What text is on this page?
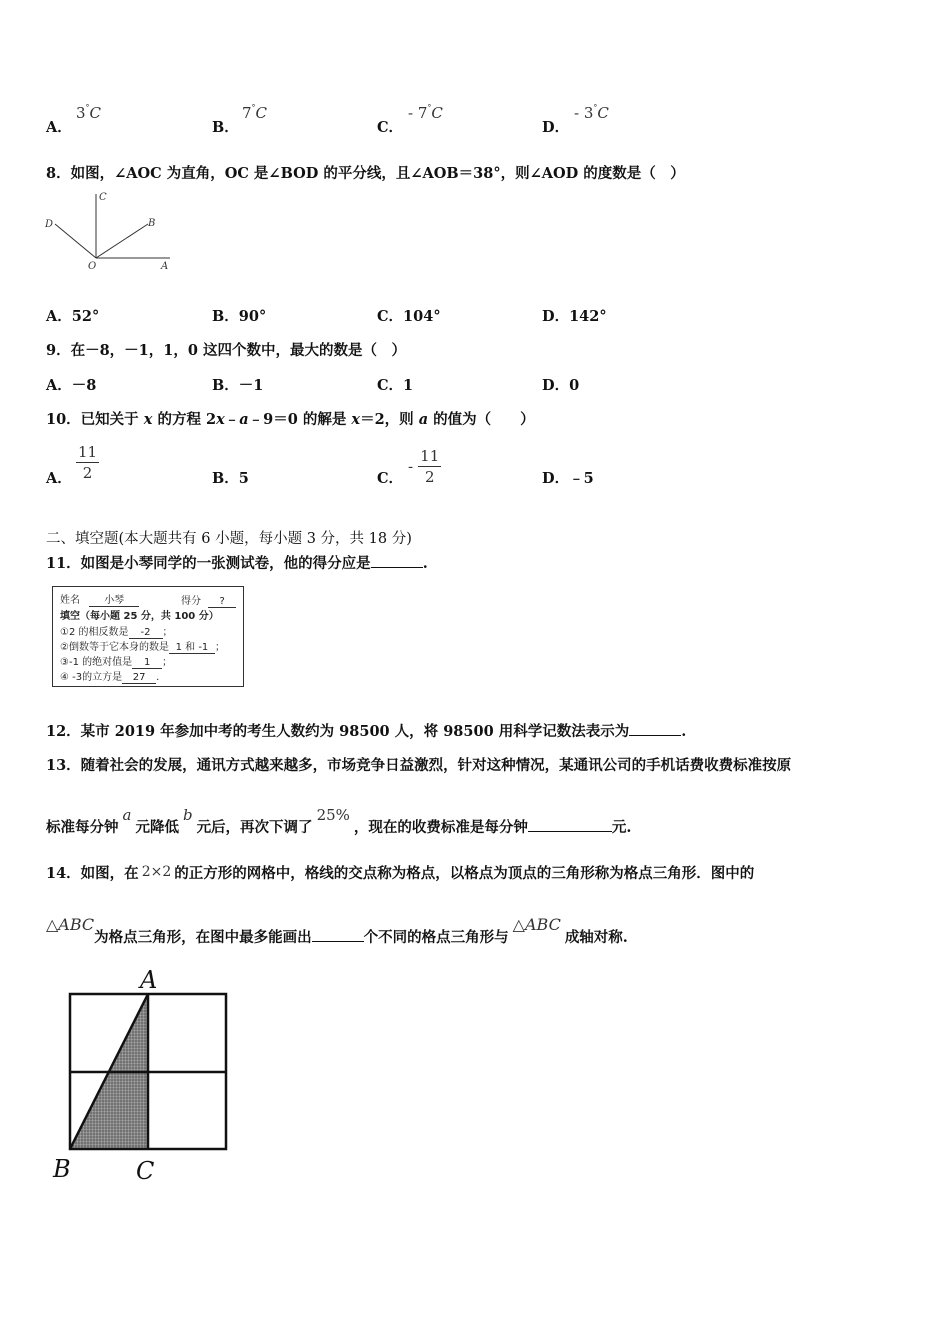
A．
3°C
B．
7°C
C．
- 7°C
D．
- 3°C
8．如图，∠AOC 为直角，OC 是∠BOD 的平分线，且∠AOB＝38°，则∠AOD 的度数是（　）
C
D	B
O	A
A．52°	B．90°	C．104°	D．142°
9．在－8，－1，1，0 这四个数中，最大的数是（　）
A．－8	B．－1	C．1	D．0
10．已知关于 x 的方程 2x﹣a﹣9＝0 的解是 x＝2，则 a 的值为（　　）
A． $\frac{11}{2}$	B．5	C．
- $\frac{11}{2}$	D．﹣5
二、填空题(本大题共有 6 小题，每小题 3 分，共 18 分)
11．如图是小琴同学的一张测试卷，他的得分应是	.
姓名 小琴	得分 ?
填空（每小题 25 分，共 100 分）
①2 的相反数是 -2 ；
②倒数等于它本身的数是 1 和 -1 ；
③-1 的绝对值是 1 ；
④ -3的立方是 27 .
12．某市 2019 年参加中考的考生人数约为 98500 人，将 98500 用科学记数法表示为	.
13．随着社会的发展，通讯方式越来越多，市场竞争日益激烈，针对这种情况，某通讯公司的手机话费收费标准按原
标准每分钟a元降低b元后，再次下调了25%，现在的收费标准是每分钟	元.
14．如图，在 2×2 的正方形的网格中，格线的交点称为格点，以格点为顶点的三角形称为格点三角形．图中的
△ABC为格点三角形，在图中最多能画出	个不同的格点三角形与△ABC成轴对称.
A
B	C
